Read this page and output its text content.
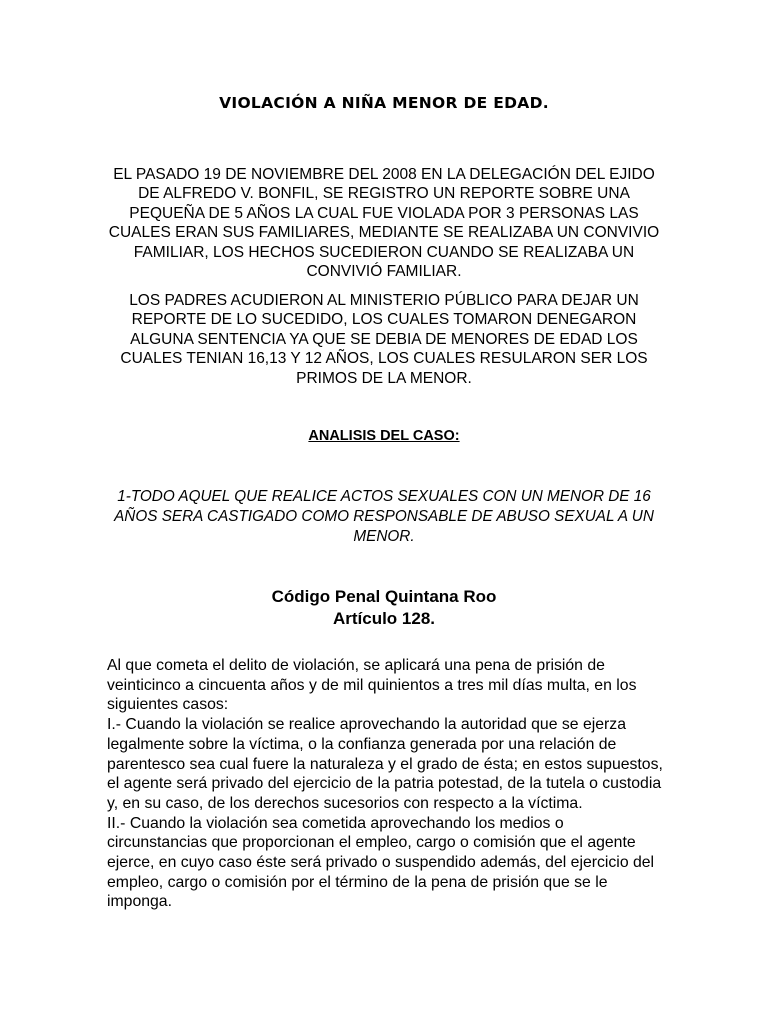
VIOLACIÓN A NIÑA MENOR DE EDAD.

EL PASADO 19 DE NOVIEMBRE DEL 2008 EN LA DELEGACIÓN DEL EJIDO DE ALFREDO V. BONFIL, SE REGISTRO UN REPORTE SOBRE UNA PEQUEÑA DE 5 AÑOS LA CUAL FUE VIOLADA POR 3 PERSONAS LAS CUALES ERAN SUS FAMILIARES, MEDIANTE SE REALIZABA UN CONVIVIO FAMILIAR, LOS HECHOS SUCEDIERON CUANDO SE REALIZABA UN CONVIVIÓ FAMILIAR.

LOS PADRES ACUDIERON AL MINISTERIO PÚBLICO PARA DEJAR UN REPORTE DE LO SUCEDIDO, LOS CUALES TOMARON DENEGARON ALGUNA SENTENCIA YA QUE SE DEBIA DE MENORES DE EDAD LOS CUALES TENIAN 16,13 Y 12 AÑOS, LOS CUALES RESULARON SER LOS PRIMOS DE LA MENOR.

ANALISIS DEL CASO:

1-TODO AQUEL QUE REALICE ACTOS SEXUALES CON UN MENOR DE 16 AÑOS SERA CASTIGADO COMO RESPONSABLE DE ABUSO SEXUAL A UN MENOR.

Código Penal Quintana Roo
Artículo 128.
Al que cometa el delito de violación, se aplicará una pena de prisión de veinticinco a cincuenta años y de mil quinientos a tres mil días multa, en los siguientes casos:
I.- Cuando la violación se realice aprovechando la autoridad que se ejerza legalmente sobre la víctima, o la confianza generada por una relación de parentesco sea cual fuere la naturaleza y el grado de ésta; en estos supuestos, el agente será privado del ejercicio de la patria potestad, de la tutela o custodia y, en su caso, de los derechos sucesorios con respecto a la víctima.
II.- Cuando la violación sea cometida aprovechando los medios o circunstancias que proporcionan el empleo, cargo o comisión que el agente ejerce, en cuyo caso éste será privado o suspendido además, del ejercicio del empleo, cargo o comisión por el término de la pena de prisión que se le imponga.
